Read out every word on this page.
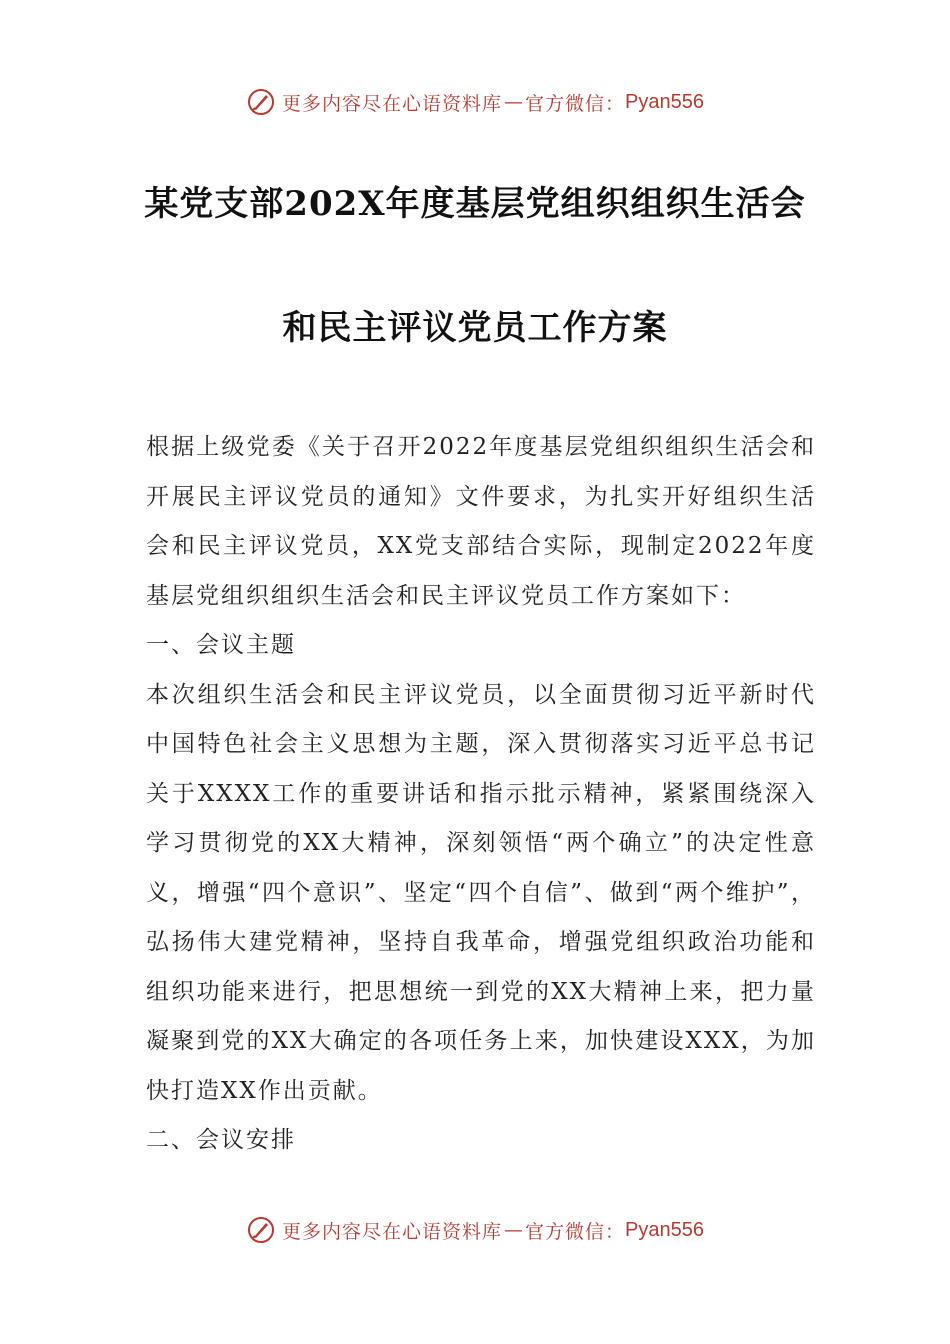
更多内容尽在心语资料库 — 官方微信： Pyan556
某党支部202X年度基层党组织组织生活会
和民主评议党员工作方案

根据上级党委《关于召开2022年度基层党组织组织生活会和开展民主评议党员的通知》文件要求，为扎实开好组织生活会和民主评议党员，XX党支部结合实际，现制定2022年度基层党组织组织生活会和民主评议党员工作方案如下：

一、会议主题

本次组织生活会和民主评议党员，以全面贯彻习近平新时代中国特色社会主义思想为主题，深入贯彻落实习近平总书记关于XXXX工作的重要讲话和指示批示精神，紧紧围绕深入学习贯彻党的XX大精神，深刻领悟“两个确立”的决定性意义，增强“四个意识”、坚定“四个自信”、做到“两个维护”，弘扬伟大建党精神，坚持自我革命，增强党组织政治功能和组织功能来进行，把思想统一到党的XX大精神上来，把力量凝聚到党的XX大确定的各项任务上来，加快建设XXX，为加快打造XX作出贡献。

二、会议安排

更多内容尽在心语资料库 — 官方微信： Pyan556
